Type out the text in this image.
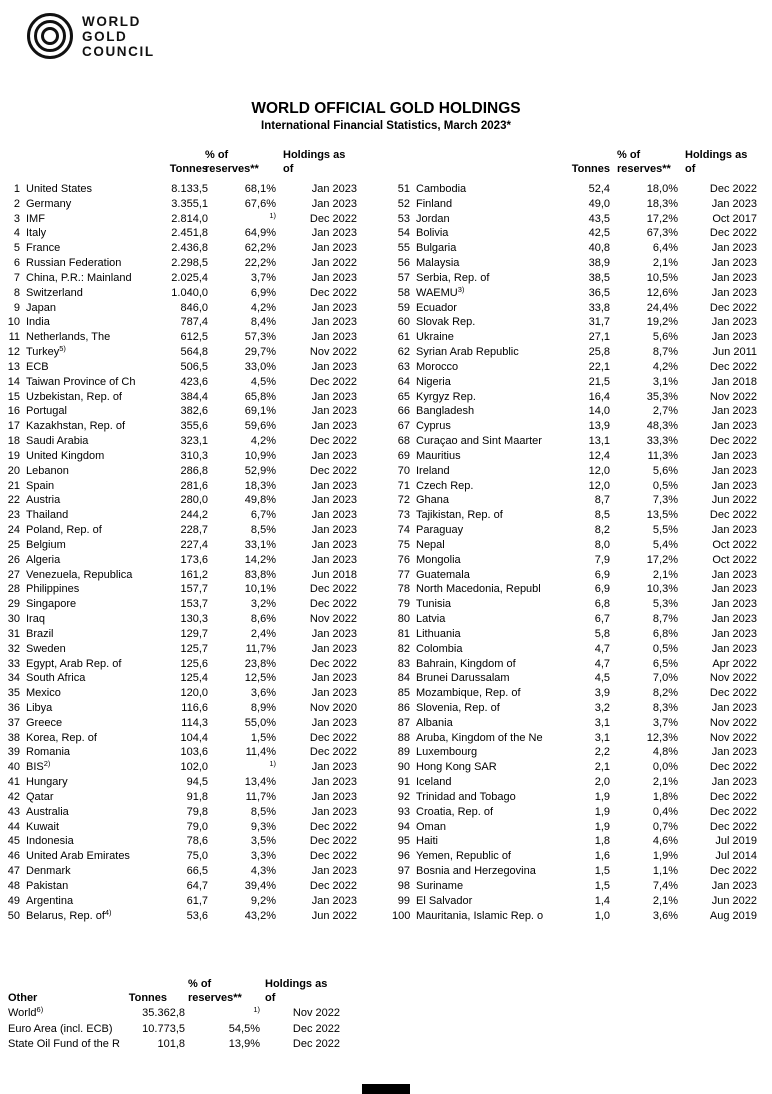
WORLD
GOLD
COUNCIL
WORLD OFFICIAL GOLD HOLDINGS
International Financial Statistics, March 2023*
Tonnes
% of
reserves**
Holdings as
of	Tonnes
% of
reserves**
Holdings as
of
1 United States	8.133,5	68,1%	Jan 2023
2 Germany	3.355,1	67,6%	Jan 2023
3 IMF	2.814,0	$^{1)}$	Dec 2022
4 Italy	2.451,8	64,9%	Jan 2023
5 France	2.436,8	62,2%	Jan 2023
6 Russian Federation	2.298,5	22,2%	Jan 2022
7 China, P.R.: Mainland	2.025,4	3,7%	Jan 2023
8 Switzerland	1.040,0	6,9%	Dec 2022
9 Japan	846,0	4,2%	Jan 2023
10 India	787,4	8,4%	Jan 2023
11 Netherlands, The	612,5	57,3%	Jan 2023
12 Turkey$^{5)}$	564,8	29,7%	Nov 2022
13 ECB	506,5	33,0%	Jan 2023
14 Taiwan Province of Ch	423,6	4,5%	Dec 2022
15 Uzbekistan, Rep. of	384,4	65,8%	Jan 2023
16 Portugal	382,6	69,1%	Jan 2023
17 Kazakhstan, Rep. of	355,6	59,6%	Jan 2023
18 Saudi Arabia	323,1	4,2%	Dec 2022
19 United Kingdom	310,3	10,9%	Jan 2023
20 Lebanon	286,8	52,9%	Dec 2022
21 Spain	281,6	18,3%	Jan 2023
22 Austria	280,0	49,8%	Jan 2023
23 Thailand	244,2	6,7%	Jan 2023
24 Poland, Rep. of	228,7	8,5%	Jan 2023
25 Belgium	227,4	33,1%	Jan 2023
26 Algeria	173,6	14,2%	Jan 2023
27 Venezuela, Republica	161,2	83,8%	Jun 2018
28 Philippines	157,7	10,1%	Dec 2022
29 Singapore	153,7	3,2%	Dec 2022
30 Iraq	130,3	8,6%	Nov 2022
31 Brazil	129,7	2,4%	Jan 2023
32 Sweden	125,7	11,7%	Jan 2023
33 Egypt, Arab Rep. of	125,6	23,8%	Dec 2022
34 South Africa	125,4	12,5%	Jan 2023
35 Mexico	120,0	3,6%	Jan 2023
36 Libya	116,6	8,9%	Nov 2020
37 Greece	114,3	55,0%	Jan 2023
38 Korea, Rep. of	104,4	1,5%	Dec 2022
39 Romania	103,6	11,4%	Dec 2022
40 BIS$^{2)}$	102,0	$^{1)}$	Jan 2023
41 Hungary	94,5	13,4%	Jan 2023
42 Qatar	91,8	11,7%	Jan 2023
43 Australia	79,8	8,5%	Jan 2023
44 Kuwait	79,0	9,3%	Dec 2022
45 Indonesia	78,6	3,5%	Dec 2022
46 United Arab Emirates	75,0	3,3%	Dec 2022
47 Denmark	66,5	4,3%	Jan 2023
48 Pakistan	64,7	39,4%	Dec 2022
49 Argentina	61,7	9,2%	Jan 2023
50 Belarus, Rep. of$^{4)}$	53,6	43,2%	Jun 2022
51 Cambodia	52,4	18,0%	Dec 2022
52 Finland	49,0	18,3%	Jan 2023
53 Jordan	43,5	17,2%	Oct 2017
54 Bolivia	42,5	67,3%	Dec 2022
55 Bulgaria	40,8	6,4%	Jan 2023
56 Malaysia	38,9	2,1%	Jan 2023
57 Serbia, Rep. of	38,5	10,5%	Jan 2023
58 WAEMU$^{3)}$	36,5	12,6%	Jan 2023
59 Ecuador	33,8	24,4%	Dec 2022
60 Slovak Rep.	31,7	19,2%	Jan 2023
61 Ukraine	27,1	5,6%	Jan 2023
62 Syrian Arab Republic	25,8	8,7%	Jun 2011
63 Morocco	22,1	4,2%	Dec 2022
64 Nigeria	21,5	3,1%	Jan 2018
65 Kyrgyz Rep.	16,4	35,3%	Nov 2022
66 Bangladesh	14,0	2,7%	Jan 2023
67 Cyprus	13,9	48,3%	Jan 2023
68 Curaçao and Sint Maarter	13,1	33,3%	Dec 2022
69 Mauritius	12,4	11,3%	Jan 2023
70 Ireland	12,0	5,6%	Jan 2023
71 Czech Rep.	12,0	0,5%	Jan 2023
72 Ghana	8,7	7,3%	Jun 2022
73 Tajikistan, Rep. of	8,5	13,5%	Dec 2022
74 Paraguay	8,2	5,5%	Jan 2023
75 Nepal	8,0	5,4%	Oct 2022
76 Mongolia	7,9	17,2%	Oct 2022
77 Guatemala	6,9	2,1%	Jan 2023
78 North Macedonia, Republ	6,9	10,3%	Jan 2023
79 Tunisia	6,8	5,3%	Jan 2023
80 Latvia	6,7	8,7%	Jan 2023
81 Lithuania	5,8	6,8%	Jan 2023
82 Colombia	4,7	0,5%	Jan 2023
83 Bahrain, Kingdom of	4,7	6,5%	Apr 2022
84 Brunei Darussalam	4,5	7,0%	Nov 2022
85 Mozambique, Rep. of	3,9	8,2%	Dec 2022
86 Slovenia, Rep. of	3,2	8,3%	Jan 2023
87 Albania	3,1	3,7%	Nov 2022
88 Aruba, Kingdom of the Ne	3,1	12,3%	Nov 2022
89 Luxembourg	2,2	4,8%	Jan 2023
90 Hong Kong SAR	2,1	0,0%	Dec 2022
91 Iceland	2,0	2,1%	Jan 2023
92 Trinidad and Tobago	1,9	1,8%	Dec 2022
93 Croatia, Rep. of	1,9	0,4%	Dec 2022
94 Oman	1,9	0,7%	Dec 2022
95 Haiti	1,8	4,6%	Jul 2019
96 Yemen, Republic of	1,6	1,9%	Jul 2014
97 Bosnia and Herzegovina	1,5	1,1%	Dec 2022
98 Suriname	1,5	7,4%	Jan 2023
99 El Salvador	1,4	2,1%	Jun 2022
100 Mauritania, Islamic Rep. o	1,0	3,6%	Aug 2019
% of
reserves**
Holdings as
of
Other	Tonnes
World$^{6)}$	35.362,8	$^{1)}$	Nov 2022
Euro Area (incl. ECB)	10.773,5	54,5%	Dec 2022
State Oil Fund of the R	101,8	13,9%	Dec 2022
